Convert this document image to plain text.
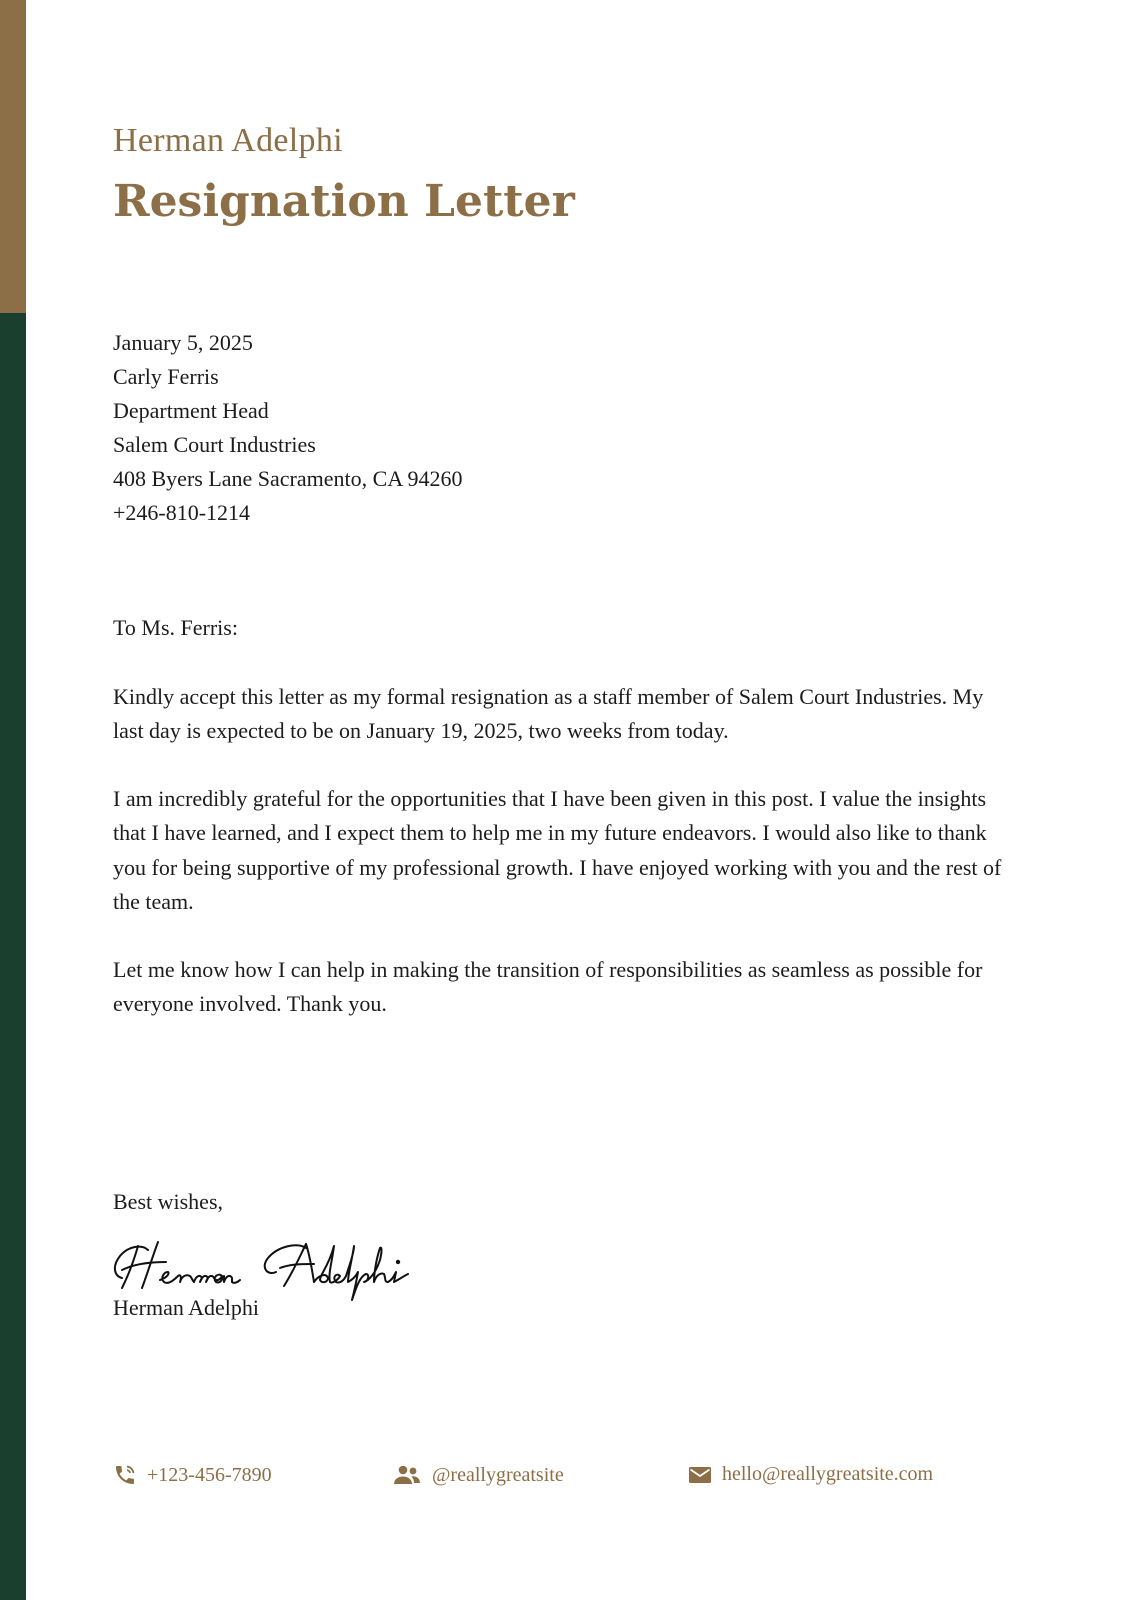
Herman Adelphi
Resignation Letter
January 5, 2025
Carly Ferris
Department Head
Salem Court Industries
408 Byers Lane Sacramento, CA 94260
+246-810-1214
To Ms. Ferris:

Kindly accept this letter as my formal resignation as a staff member of Salem Court Industries. My last day is expected to be on January 19, 2025, two weeks from today.

I am incredibly grateful for the opportunities that I have been given in this post. I value the insights that I have learned, and I expect them to help me in my future endeavors. I would also like to thank you for being supportive of my professional growth. I have enjoyed working with you and the rest of the team.

Let me know how I can help in making the transition of responsibilities as seamless as possible for everyone involved. Thank you.

Best wishes,
Herman Adelphi
+123-456-7890	@reallygreatsite	hello@reallygreatsite.com
